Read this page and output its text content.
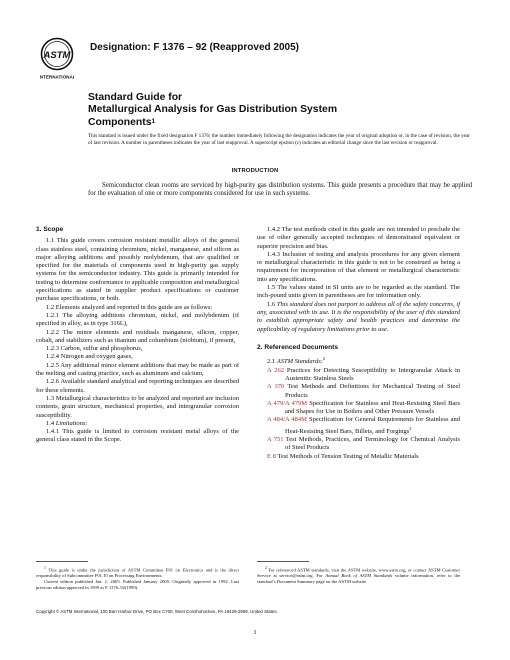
ASTM
INTERNATIONAL
Designation: F 1376 – 92 (Reapproved 2005)
Standard Guide for
Metallurgical Analysis for Gas Distribution System
Components$^1$
This standard is issued under the fixed designation F 1376; the number immediately following the designation indicates the year of original adoption or, in the case of revision, the year of last revision. A number in parentheses indicates the year of last reapproval. A superscript epsilon (ε) indicates an editorial change since the last revision or reapproval.
INTRODUCTION

Semiconductor clean rooms are serviced by high-purity gas distribution systems. This guide presents a procedure that may be applied for the evaluation of one or more components considered for use in such systems.

1. Scope

1.1 This guide covers corrosion resistant metallic alloys of the general class stainless steel, containing chromium, nickel, manganese, and silicon as major alloying additions and possibly molybdenum, that are qualified or specified for the materials of components used in high-purity gas supply systems for the semiconductor industry. This guide is primarily intended for testing to determine conformance to applicable composition and metallurgical specifications as stated in supplier product specifications or customer purchase specifications, or both.

1.2 Elements analyzed and reported in this guide are as follows:

1.2.1 The alloying additions chromium, nickel, and molybdenum (if specified in alloy, as in type 316L),

1.2.2 The minor elements and residuals manganese, silicon, copper, cobalt, and stabilizers such as titanium and columbium (niobium), if present,

1.2.3 Carbon, sulfur and phosphorus,

1.2.4 Nitrogen and oxygen gases,

1.2.5 Any additional minor element additions that may be made as part of the melting and casting practice, such as aluminum and calcium,

1.2.6 Available standard analytical and reporting techniques are described for these elements.

1.3 Metallurgical characteristics to be analyzed and reported are inclusion contents, grain structure, mechanical properties, and intergranular corrosion susceptibility.

1.4 Limitations:

1.4.1 This guide is limited to corrosion resistant metal alloys of the general class stated in the Scope.

1.4.2 The test methods cited in this guide are not intended to preclude the use of other generally accepted techniques of demonstrated equivalent or superior precision and bias.

1.4.3 Inclusion of testing and analysis procedures for any given element or metallurgical characteristic in this guide is not to be construed as being a requirement for incorporation of that element or metallurgical characteristic into any specifications.

1.5 The values stated in SI units are to be regarded as the standard. The inch-pound units given in parentheses are for information only.

1.6 This standard does not purport to address all of the safety concerns, if any, associated with its use. It is the responsibility of the user of this standard to establish appropriate safety and health practices and determine the applicability of regulatory limitations prior to use.

2. Referenced Documents

2.1 ASTM Standards:$^2$

A 262 Practices for Detecting Susceptibility to Intergranular Attack in Austenitic Stainless Steels
A 370 Test Methods and Definitions for Mechanical Testing of Steel Products
A 479/A 479M Specification for Stainless and Heat-Resisting Steel Bars and Shapes for Use in Boilers and Other Pressure Vessels
A 484/A 484M Specification for General Requirements for Stainless and Heat-Resisting Steel Bars, Billets, and Forgings$^2$
A 751 Test Methods, Practices, and Terminology for Chemical Analysis of Steel Products
E 8 Test Methods of Tension Testing of Metallic Materials

$^1$ This guide is under the jurisdiction of ASTM Committee F01 on Electronics and is the direct responsibility of Subcommittee F01.10 on Processing Environments.

Current edition published Jan. 1, 2005. Published January 2005. Originally approved in 1992. Last previous edition approved in 1999 as F 1376–92(1999).

$^2$ For referenced ASTM standards, visit the ASTM website, www.astm.org, or contact ASTM Customer Service at service@astm.org. For Annual Book of ASTM Standards volume information, refer to the standard’s Document Summary page on the ASTM website.

Copyright © ASTM International, 100 Barr Harbor Drive, PO Box C700, West Conshohocken, PA 19428-2959, United States.
1
